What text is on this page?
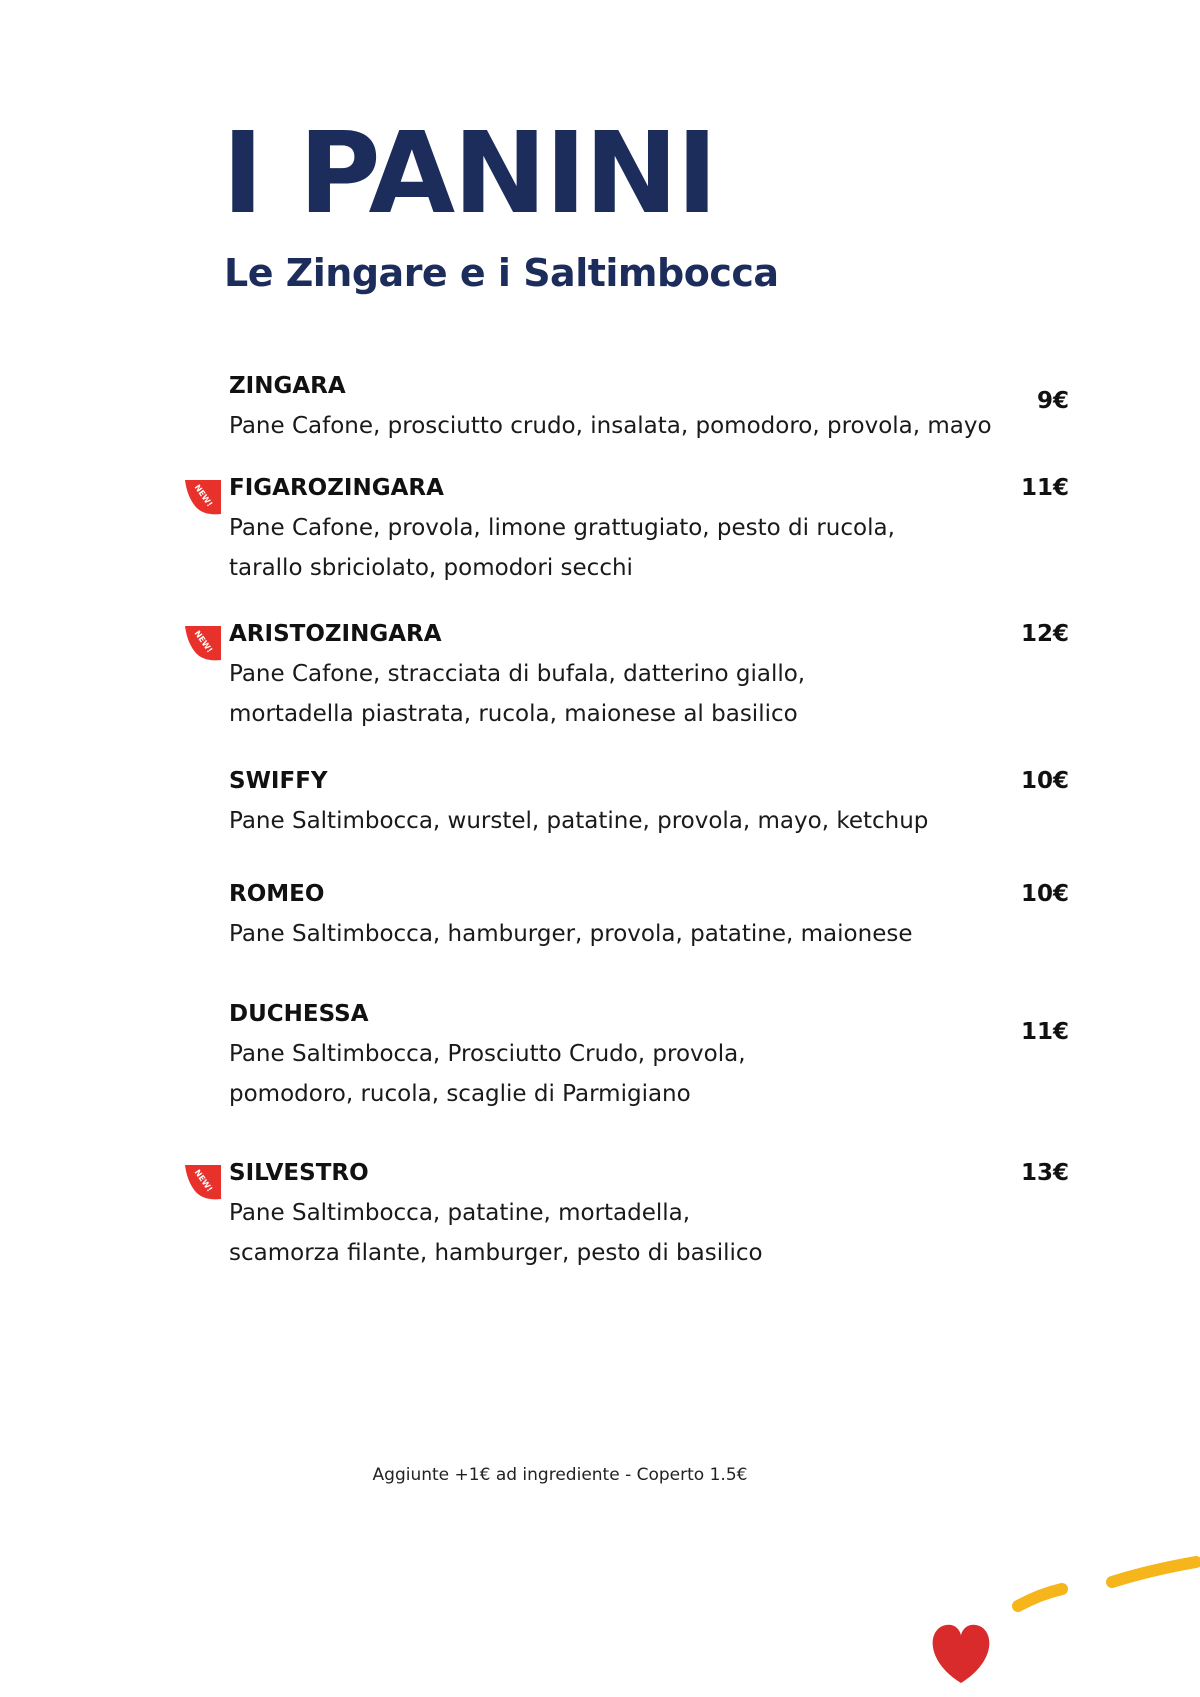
I PANINI
Le Zingare e i Saltimbocca
ZINGARA
Pane Cafone, prosciutto crudo, insalata, pomodoro, provola, mayo
9€
NEW! FIGAROZINGARA
Pane Cafone, provola, limone grattugiato, pesto di rucola,
tarallo sbriciolato, pomodori secchi
11€
NEW! ARISTOZINGARA
Pane Cafone, stracciata di bufala, datterino giallo,
mortadella piastrata, rucola, maionese al basilico
12€
SWIFFY
Pane Saltimbocca, wurstel, patatine, provola, mayo, ketchup
10€
ROMEO
Pane Saltimbocca, hamburger, provola, patatine, maionese
10€
DUCHESSA
Pane Saltimbocca, Prosciutto Crudo, provola,
pomodoro, rucola, scaglie di Parmigiano
11€
NEW! SILVESTRO
Pane Saltimbocca, patatine, mortadella,
scamorza filante, hamburger, pesto di basilico
13€
Aggiunte +1€ ad ingrediente - Coperto 1.5€
